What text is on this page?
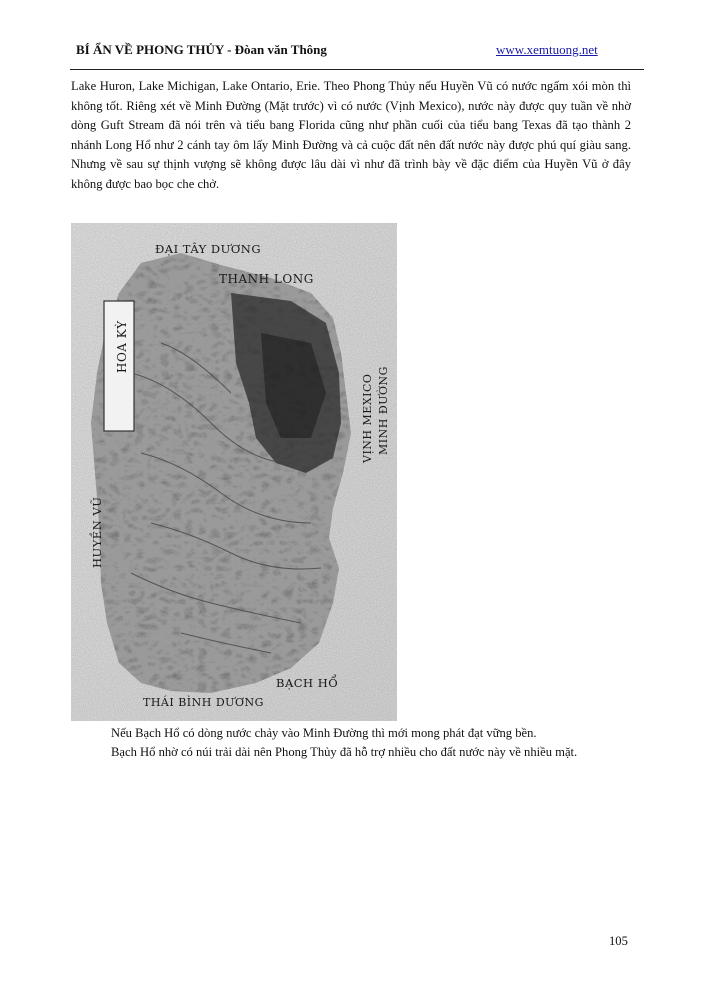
BÍ ẨN VỀ PHONG THỦY - Đòan văn Thông	www.xemtuong.net

Lake Huron, Lake Michigan, Lake Ontario, Erie. Theo Phong Thủy nếu Huyền Vũ có nước ngấm xói mòn thì không tốt. Riêng xét về Minh Đường (Mặt trước) vì có nước (Vịnh Mexico), nước này được quy tuần về nhờ dòng Guft Stream đã nói trên và tiểu bang Florida cũng như phần cuối của tiểu bang Texas đã tạo thành 2 nhánh Long Hổ như 2 cánh tay ôm lấy Minh Đường và cả cuộc đất nên đất nước này được phú quí giàu sang. Nhưng về sau sự thịnh vượng sẽ không được lâu dài vì như đã trình bày về đặc điểm của Huyền Vũ ở đây không được bao bọc che chở.

ĐẠI TÂY DƯƠNG
THANH LONG
HOA KỲ
VỊNH MEXICO MINH ĐƯỜNG
HUYỀN VŨ
BẠCH HỔ
THÁI BÌNH DƯƠNG

Nếu Bạch Hổ có dòng nước chảy vào Minh Đường thì mới mong phát đạt vững bền.

Bạch Hổ nhờ có núi trải dài nên Phong Thủy đã hỗ trợ nhiều cho đất nước này về nhiều mặt.

105
